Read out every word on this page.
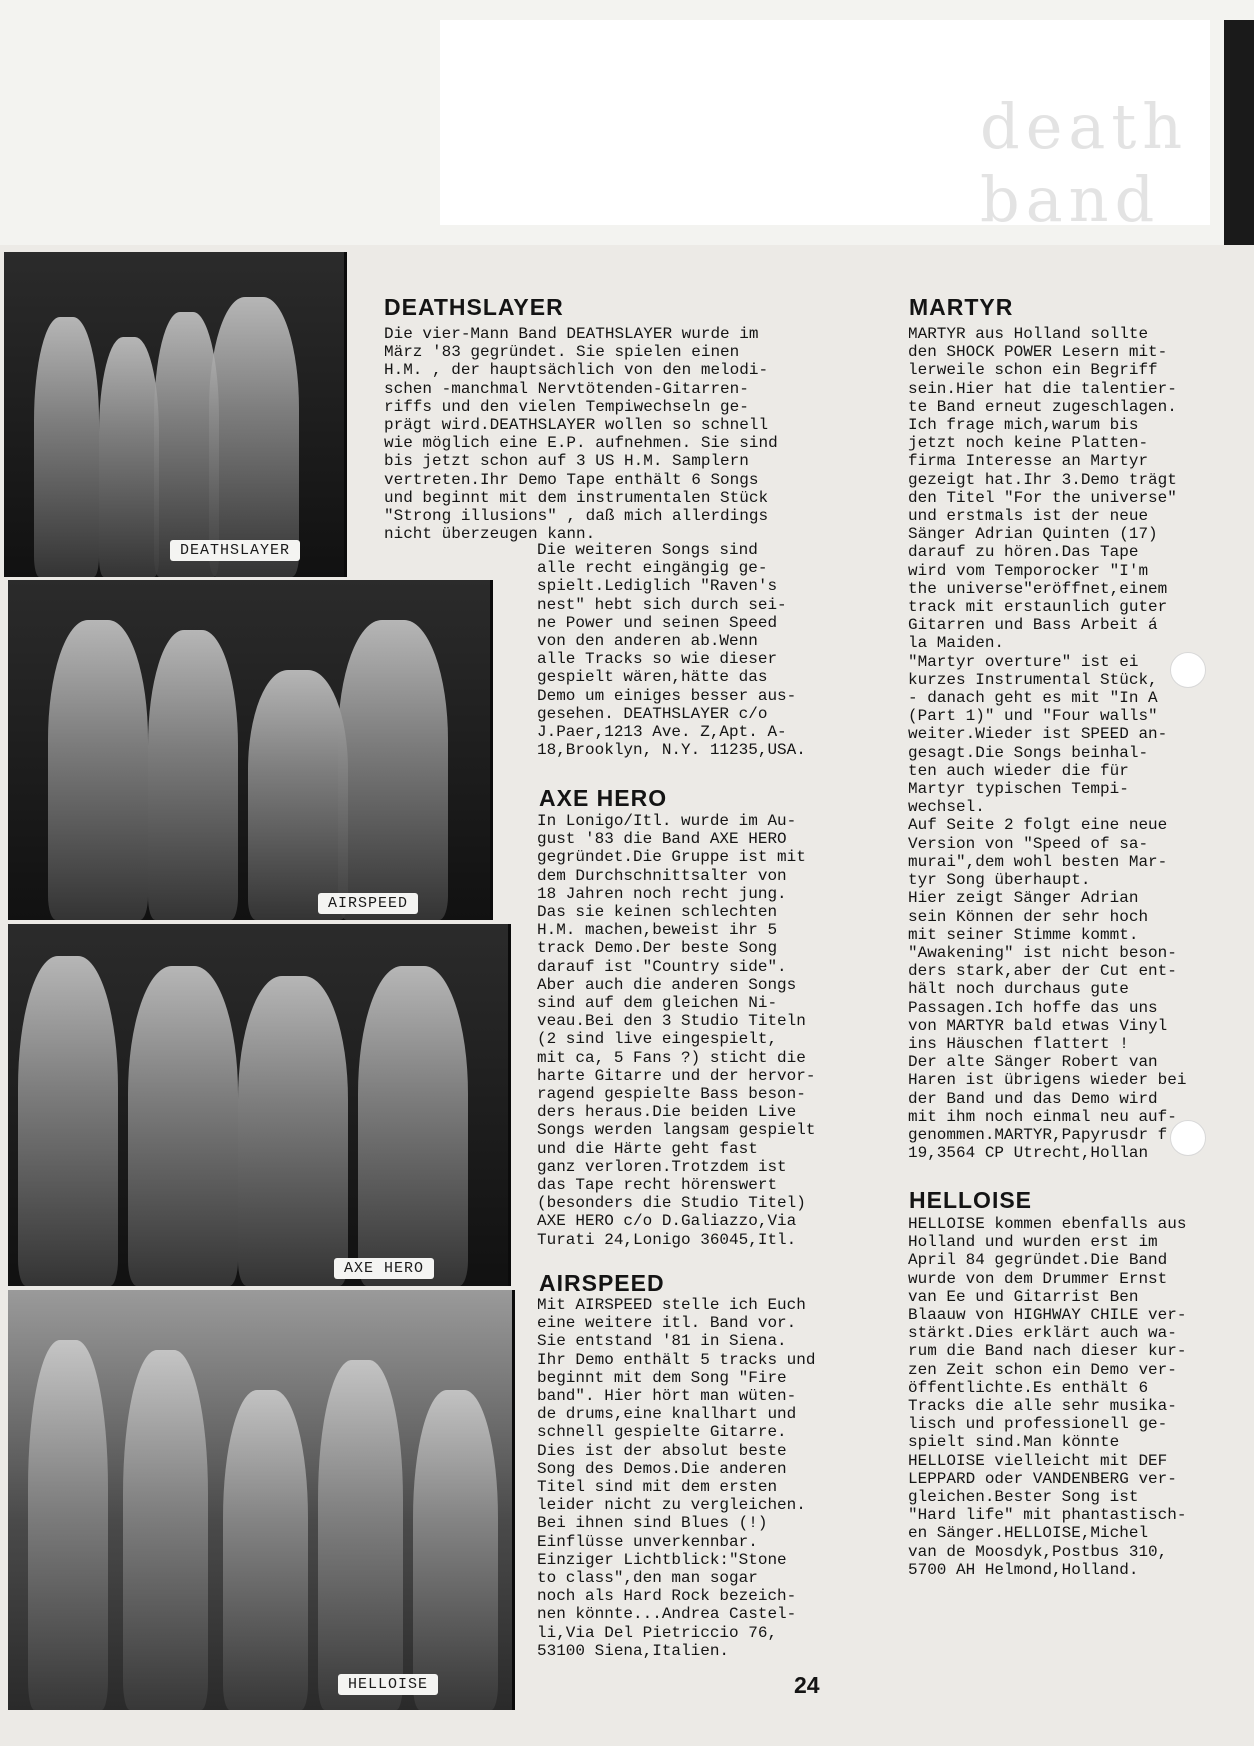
death band
DEATHSLAYER
AIRSPEED
AXE HERO
HELLOISE
DEATHSLAYER
Die vier-Mann Band DEATHSLAYER wurde im
März '83 gegründet. Sie spielen einen
H.M. , der hauptsächlich von den melodi-
schen -manchmal Nervtötenden-Gitarren-
riffs und den vielen Tempiwechseln ge-
prägt wird.DEATHSLAYER wollen so schnell
wie möglich eine E.P. aufnehmen. Sie sind
bis jetzt schon auf 3 US H.M. Samplern
vertreten.Ihr Demo Tape enthält 6 Songs
und beginnt mit dem instrumentalen Stück
"Strong illusions" , daß mich allerdings
nicht überzeugen kann.
Die weiteren Songs sind
alle recht eingängig ge-
spielt.Lediglich "Raven's
nest" hebt sich durch sei-
ne Power und seinen Speed
von den anderen ab.Wenn
alle Tracks so wie dieser
gespielt wären,hätte das
Demo um einiges besser aus-
gesehen. DEATHSLAYER c/o
J.Paer,1213 Ave. Z,Apt. A-
18,Brooklyn, N.Y. 11235,USA.
AXE HERO
In Lonigo/Itl. wurde im Au-
gust '83 die Band AXE HERO
gegründet.Die Gruppe ist mit
dem Durchschnittsalter von
18 Jahren noch recht jung.
Das sie keinen schlechten
H.M. machen,beweist ihr 5
track Demo.Der beste Song
darauf ist "Country side".
Aber auch die anderen Songs
sind auf dem gleichen Ni-
veau.Bei den 3 Studio Titeln
(2 sind live eingespielt,
mit ca, 5 Fans ?) sticht die
harte Gitarre und der hervor-
ragend gespielte Bass beson-
ders heraus.Die beiden Live
Songs werden langsam gespielt
und die Härte geht fast
ganz verloren.Trotzdem ist
das Tape recht hörenswert
(besonders die Studio Titel)
AXE HERO c/o D.Galiazzo,Via
Turati 24,Lonigo 36045,Itl.
AIRSPEED
Mit AIRSPEED stelle ich Euch
eine weitere itl. Band vor.
Sie entstand '81 in Siena.
Ihr Demo enthält 5 tracks und
beginnt mit dem Song "Fire
band". Hier hört man wüten-
de drums,eine knallhart und
schnell gespielte Gitarre.
Dies ist der absolut beste
Song des Demos.Die anderen
Titel sind mit dem ersten
leider nicht zu vergleichen.
Bei ihnen sind Blues (!)
Einflüsse unverkennbar.
Einziger Lichtblick:"Stone
to class",den man sogar
noch als Hard Rock bezeich-
nen könnte...Andrea Castel-
li,Via Del Pietriccio 76,
53100 Siena,Italien.
MARTYR
MARTYR aus Holland sollte
den SHOCK POWER Lesern mit-
lerweile schon ein Begriff
sein.Hier hat die talentier-
te Band erneut zugeschlagen.
Ich frage mich,warum bis
jetzt noch keine Platten-
firma Interesse an Martyr
gezeigt hat.Ihr 3.Demo trägt
den Titel "For the universe"
und erstmals ist der neue
Sänger Adrian Quinten (17)
darauf zu hören.Das Tape
wird vom Temporocker "I'm
the universe"eröffnet,einem
track mit erstaunlich guter
Gitarren und Bass Arbeit á
la Maiden.
"Martyr overture" ist ei
kurzes Instrumental Stück,
- danach geht es mit "In A
(Part 1)" und "Four walls"
weiter.Wieder ist SPEED an-
gesagt.Die Songs beinhal-
ten auch wieder die für
Martyr typischen Tempi-
wechsel.
Auf Seite 2 folgt eine neue
Version von "Speed of sa-
murai",dem wohl besten Mar-
tyr Song überhaupt.
Hier zeigt Sänger Adrian
sein Können der sehr hoch
mit seiner Stimme kommt.
"Awakening" ist nicht beson-
ders stark,aber der Cut ent-
hält noch durchaus gute
Passagen.Ich hoffe das uns
von MARTYR bald etwas Vinyl
ins Häuschen flattert !
Der alte Sänger Robert van
Haren ist übrigens wieder bei
der Band und das Demo wird
mit ihm noch einmal neu auf-
genommen.MARTYR,Papyrusdr f
19,3564 CP Utrecht,Hollan
HELLOISE
HELLOISE kommen ebenfalls aus
Holland und wurden erst im
April 84 gegründet.Die Band
wurde von dem Drummer Ernst
van Ee und Gitarrist Ben
Blaauw von HIGHWAY CHILE ver-
stärkt.Dies erklärt auch wa-
rum die Band nach dieser kur-
zen Zeit schon ein Demo ver-
öffentlichte.Es enthält 6
Tracks die alle sehr musika-
lisch und professionell ge-
spielt sind.Man könnte
HELLOISE vielleicht mit DEF
LEPPARD oder VANDENBERG ver-
gleichen.Bester Song ist
"Hard life" mit phantastisch-
en Sänger.HELLOISE,Michel
van de Moosdyk,Postbus 310,
5700 AH Helmond,Holland.
24
